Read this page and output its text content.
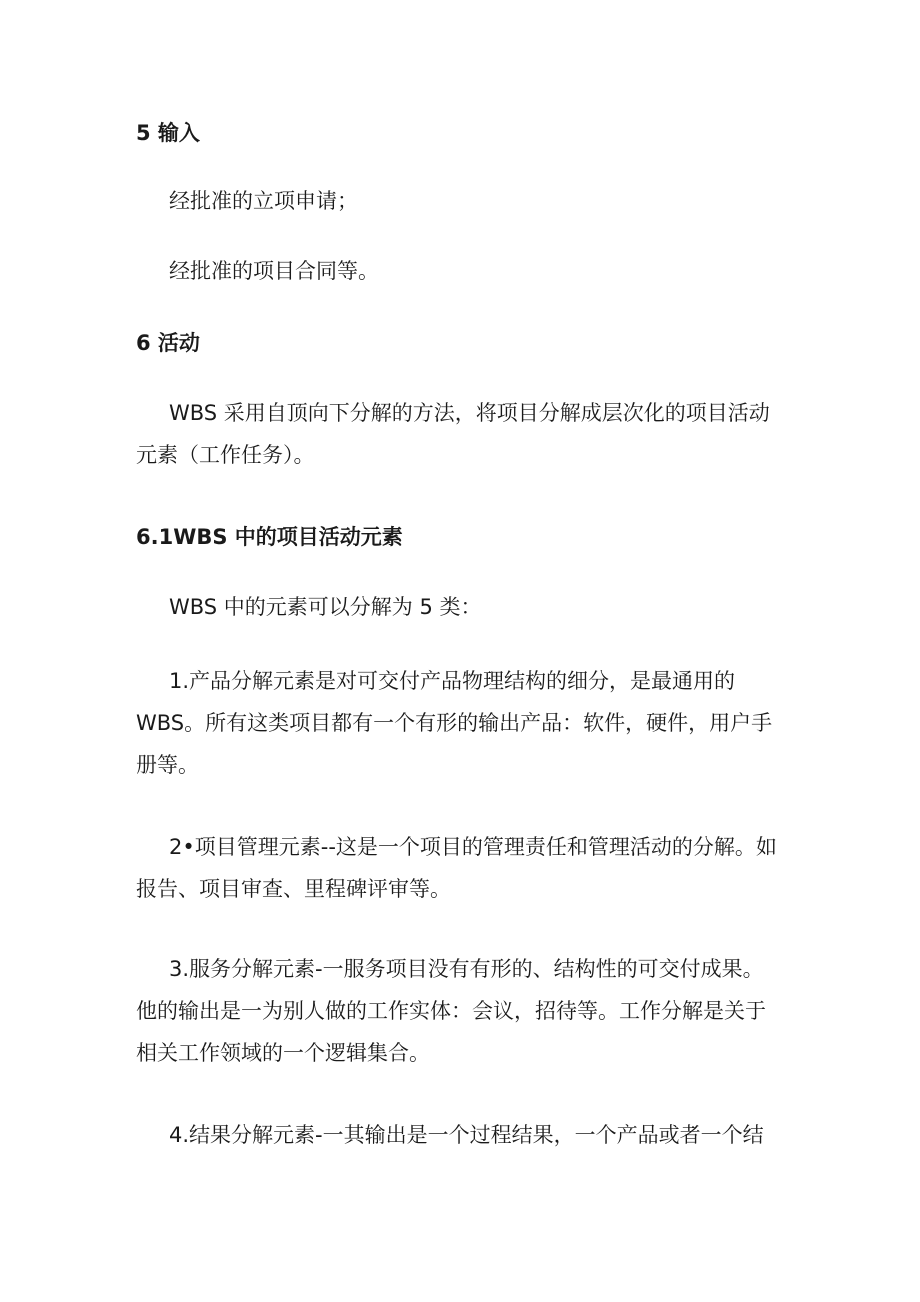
5 输入
经批准的立项申请；
经批准的项目合同等。
6 活动
WBS 采用自顶向下分解的方法，将项目分解成层次化的项目活动
元素（工作任务）。
6.1WBS 中的项目活动元素
WBS 中的元素可以分解为 5 类：
1.产品分解元素是对可交付产品物理结构的细分，是最通用的
WBS。所有这类项目都有一个有形的输出产品：软件，硬件，用户手
册等。
2•项目管理元素--这是一个项目的管理责任和管理活动的分解。如
报告、项目审查、里程碑评审等。
3.服务分解元素-一服务项目没有有形的、结构性的可交付成果。
他的输出是一为别人做的工作实体：会议，招待等。工作分解是关于
相关工作领域的一个逻辑集合。
4.结果分解元素-一其输出是一个过程结果，一个产品或者一个结
